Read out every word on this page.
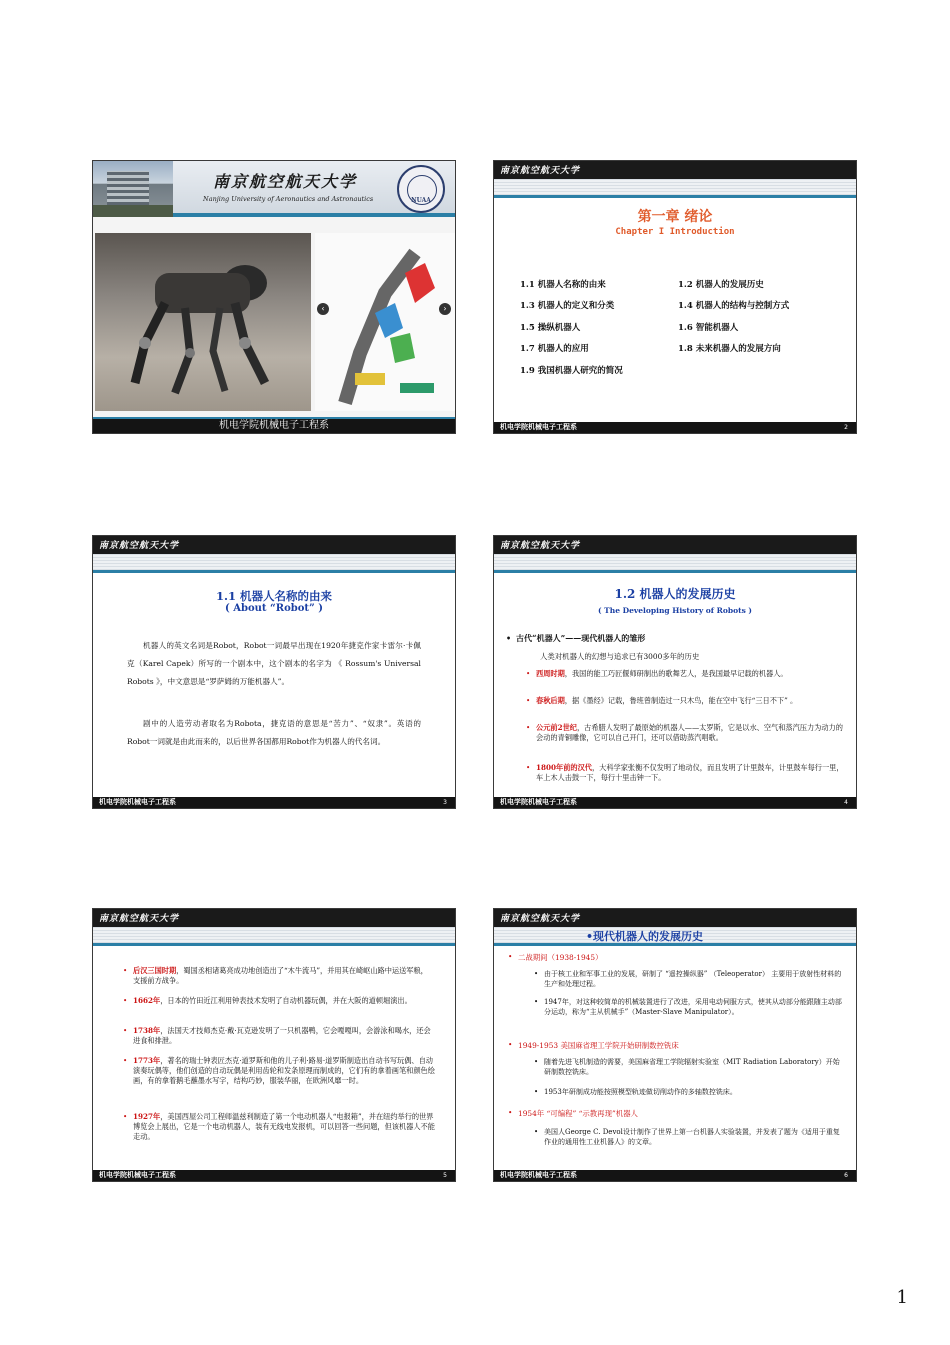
南京航空航天大学
Nanjing University of Aeronautics and Astronautics	NUAA
‹	›
机电学院机械电子工程系
南京航空航天大学
第一章 绪论
Chapter I Introduction
1.1 机器人名称的由来	1.2 机器人的发展历史
1.3 机器人的定义和分类	1.4 机器人的结构与控制方式
1.5 操纵机器人	1.6 智能机器人
1.7 机器人的应用	1.8 未来机器人的发展方向
1.9 我国机器人研究的简况
机电学院机械电子工程系	2
南京航空航天大学
1.1 机器人名称的由来
( About “Robot” )

机器人的英文名词是Robot，Robot一词最早出现在1920年捷克作家卡雷尔·卡佩克（Karel Capek）所写的一个剧本中，这个剧本的名字为 《 Rossum's Universal Robots 》，中文意思是“罗萨姆的万能机器人”。

剧中的人造劳动者取名为Robota，捷克语的意思是“苦力”、“奴隶”。英语的Robot一词就是由此而来的，以后世界各国都用Robot作为机器人的代名词。

机电学院机械电子工程系	3
南京航空航天大学
1.2 机器人的发展历史
( The Developing History of Robots )
• 古代“机器人”——现代机器人的雏形
人类对机器人的幻想与追求已有3000多年的历史
• 西周时期，我国的能工巧匠偃师研制出的歌舞艺人，是我国最早记载的机器人。
• 春秋后期，据《墨经》记载，鲁班曾制造过一只木鸟，能在空中飞行“三日不下” 。
• 公元前2世纪，古希腊人发明了最原始的机器人——太罗斯，它是以水、空气和蒸汽压力为动力的会动的青铜雕像，它可以自己开门，还可以借助蒸汽唱歌。
• 1800年前的汉代，大科学家张衡不仅发明了地动仪，而且发明了计里鼓车，计里鼓车每行一里，车上木人击鼓一下，每行十里击钟一下。
机电学院机械电子工程系	4
南京航空航天大学
• 后汉三国时期，蜀国丞相诸葛亮成功地创造出了“木牛流马”，并用其在崎岖山路中运送军粮，支援前方战争。
• 1662年，日本的竹田近江利用钟表技术发明了自动机器玩偶，并在大阪的道顿堀演出。
• 1738年，法国天才技师杰克·戴·瓦克逊发明了一只机器鸭，它会嘎嘎叫，会游泳和喝水，还会进食和排泄。
• 1773年，著名的瑞士钟表匠杰克·道罗斯和他的儿子利·路易·道罗斯制造出自动书写玩偶、自动演奏玩偶等，他们创造的自动玩偶是利用齿轮和发条原理而制成的，它们有的拿着画笔和颜色绘画，有的拿着鹅毛蘸墨水写字，结构巧妙，服装华丽，在欧洲风靡一时。
• 1927年，美国西屋公司工程师温兹利制造了第一个电动机器人“电报箱”，并在纽约举行的世界博览会上展出，它是一个电动机器人，装有无线电发报机，可以回答一些问题，但该机器人不能走动。
机电学院机械电子工程系	5
南京航空航天大学
•现代机器人的发展历史
• 二战期间（1938-1945）
• 由于核工业和军事工业的发展，研制了 “遥控操纵器” （Teleoperator） 主要用于放射性材料的生产和处理过程。
• 1947年，对这种较简单的机械装置进行了改进，采用电动伺服方式，使其从动部分能跟随主动部分运动，称为“主从机械手”（Master-Slave Manipulator）。
• 1949-1953 美国麻省理工学院开始研制数控铣床
• 随着先进飞机制造的需要，美国麻省理工学院辐射实验室（MIT Radiation Laboratory）开始研制数控铣床。
• 1953年研制成功能按照模型轨迹做切削动作的多轴数控铣床。
• 1954年 “可编程” “示教再现”机器人
• 美国人George C. Devol设计制作了世界上第一台机器人实验装置，并发表了题为《适用于重复作业的通用性工业机器人》的文章。
机电学院机械电子工程系	6
1
